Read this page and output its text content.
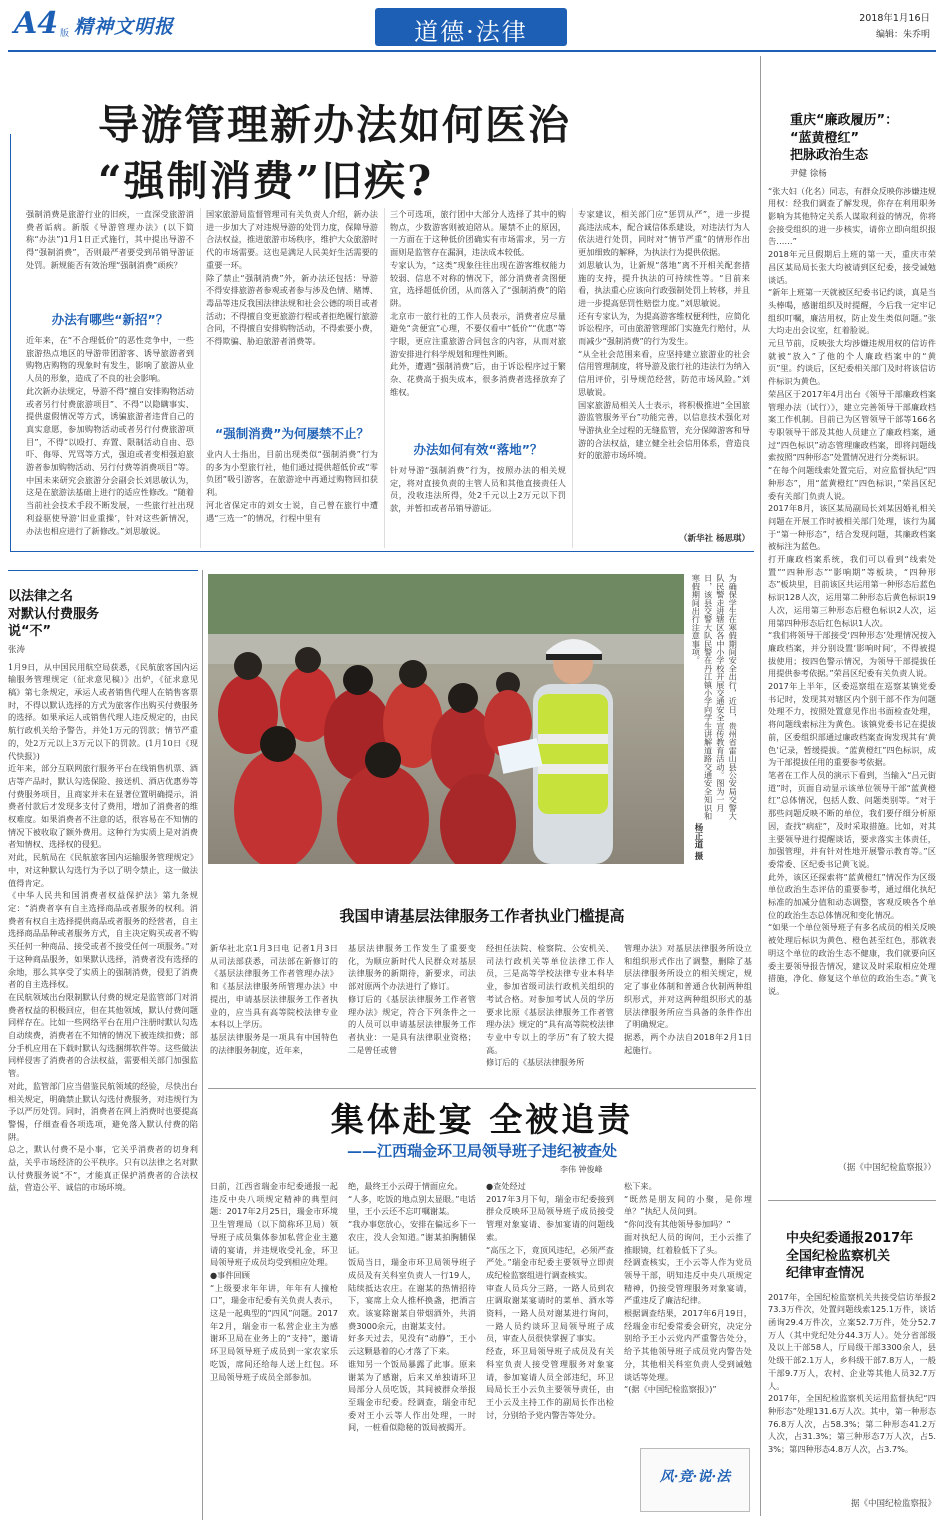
A4 版 精神文明报	道德·法律	2018年1月16日
编辑：朱乔明
导游管理新办法如何医治
“强制消费”旧疾?
强制消费是旅游行业的旧疾，一直深受旅游消费者诟病。新版《导游管理办法》(以下简称“办法”)1月1日正式施行，其中提出导游不得“强制消费”，否则最严者要受到吊销导游证处罚。新规能否有效治理“强制消费”顽疾？
办法有哪些“新招”？
近年来，在“不合理低价”的恶性竞争中，一些旅游热点地区的导游带团游客、诱导旅游者到购物店购物的现象时有发生，影响了旅游从业人员的形象，造成了不良的社会影响。
此次新办法规定，导游不得“擅自安排购物活动或者另行付费旅游项目”、不得“以隐瞒事实、提供虚假情况等方式，诱骗旅游者违背自己的真实意愿，参加购物活动或者另行付费旅游项目”，不得“以殴打、弃置、限制活动自由、恐吓、侮辱、咒骂等方式，强迫或者变相强迫旅游者参加购物活动、另行付费等消费项目”等。
中国未来研究会旅游分会副会长刘思敏认为，这是在旅游法基础上进行的适应性修改。“随着当前社会技术手段不断发展，一些旅行社出现利益驱使导游‘旧业重操’，针对这些新情况，办法也相应进行了新修改。”刘思敏说。
国家旅游局监督管理司有关负责人介绍，新办法进一步加大了对违规导游的处罚力度，保障导游合法权益，推进旅游市场秩序，维护大众旅游时代的市场需要。这也是满足人民美好生活需要的重要一环。
除了禁止“强制消费”外，新办法还包括：导游不得安排旅游者参观或者参与涉及色情、赌博、毒品等违反我国法律法规和社会公德的项目或者活动；不得擅自变更旅游行程或者拒绝履行旅游合同，不得擅自安排购物活动，不得索要小费，不得欺骗、胁迫旅游者消费等。
“强制消费”为何屡禁不止？
业内人士指出，目前出现类似“强制消费”行为的多为小型旅行社，他们通过提供超低价或“零负团”吸引游客，在旅游途中再通过购物回扣获利。
河北省保定市的刘女士说，自己曾在旅行中遭遇“三选一”的情况，行程中里有
三个可选项，旅行团中大部分人选择了其中的购物点，少数游客则被迫陪从。屡禁不止的原因，一方面在于这种低价团确实有市场需求，另一方面则是监管存在漏洞，违法成本较低。
专家认为，“这类”现象往往出现在游客维权能力较弱、信息不对称的情况下，部分消费者贪图便宜，选择超低价团，从而落入了“强制消费”的陷阱。
北京市一旅行社的工作人员表示，消费者应尽量避免“贪便宜”心理，不要仅看中“低价”“优惠”等字眼，更应注重旅游合同包含的内容，从而对旅游安排进行科学规划和理性判断。
此外，遭遇“强制消费”后，由于诉讼程序过于繁杂、花费高于损失成本，很多消费者选择放弃了维权。
办法如何有效“落地”？
针对导游“强制消费”行为，按照办法的相关规定，将对直接负责的主管人员和其他直接责任人员，没收违法所得，处2千元以上2万元以下罚款，并暂扣或者吊销导游证。
专家建议，相关部门应“惩罚从严”，进一步提高违法成本，配合诚信体系建设，对违法行为人依法进行处罚，同时对“情节严重”的情形作出更加细致的解释，为执法行为提供依据。
刘思敏认为，让新规“落地”离不开相关配套措施的支持，提升执法的可持续性等。“目前来看，执法重心应该向行政强制处罚上转移，并且进一步提高惩罚性赔偿力度。”刘思敏说。
还有专家认为，为提高游客维权便利性，应简化诉讼程序，可由旅游管理部门实施先行赔付，从而减少“强制消费”的行为发生。
“从全社会范围来看，应坚持建立旅游业的社会信用管理制度，将导游及旅行社的违法行为纳入信用评价，引导规范经营，防范市场风险。”刘思敏说。
国家旅游局相关人士表示，将积极推进“全国旅游监管服务平台”功能完善，以信息技术强化对导游执业全过程的无缝监管，充分保障游客和导游的合法权益，建立健全社会信用体系，营造良好的旅游市场环境。
（新华社 杨思琪）
重庆“廉政履历”：
“蓝黄橙红”
把脉政治生态
尹健 徐杨
“张大妇（化名）同志，有群众反映你涉嫌违规用权：经我们调查了解发现，你存在利用职务影响为其他特定关系人谋取利益的情况，你将会接受组织的进一步核实，请你立即向组织报告……”
2018年元旦假期后上班的第一天，重庆市荣昌区某局局长张大均被请到区纪委，接受诫勉谈话。
“新年上班第一天就被区纪委书记约谈，真是当头棒喝，感谢组织及时提醒，今后我一定牢记组织叮嘱，廉洁用权，防止发生类似问题。”张大均走出会议室，红着脸说。
元旦节前，反映张大均涉嫌违规用权的信访件就被“放入”了他的个人廉政档案中的“黄页”里。约谈后，区纪委相关部门及时将该信访件标识为黄色。
荣昌区于2017年4月出台《领导干部廉政档案管理办法（试行）》，建立完善领导干部廉政档案工作机制。目前已为区管领导干部等166名专职领导干部及其他人员建立了廉政档案，通过“四色标识”动态管理廉政档案，即将问题线索按照“四种形态”处置情况进行分类标识。
“在每个问题线索处置完后，对应监督执纪“四种形态”，用“蓝黄橙红”四色标识，”荣昌区纪委有关部门负责人说。
2017年8月，该区某局副局长刘某因婚礼相关问题在开展工作时被相关部门处理，该行为属于“第一种形态”，结合发现问题，其廉政档案被标注为蓝色。
打开廉政档案系统，我们可以看到“线索处置”“四种形态”“影响期”等板块，“四种形态”板块里，目前该区共运用第一种形态后蓝色标识128人次，运用第二种形态后黄色标识19人次，运用第三种形态后橙色标识2人次，运用第四种形态后红色标识1人次。
“我们将领导干部接受‘四种形态’处理情况按入廉政档案，并分别设置‘影响时间’，不得被提拔使用；按四色警示情况，为领导干部提拔任用提供参考依据。”荣昌区纪委有关负责人说。
2017年上半年，区委巡察组在巡察某镇党委书记时，发现其对辖区内个别干部不作为问题处理不力，按照处置意见作出书面检查处理，将问题线索标注为黄色。该镇党委书记在提拔前，区委组织部通过廉政档案查询发现其有‘黄色’记录，暂缓提拔。“蓝黄橙红”四色标识，成为干部提拔任用的重要参考依据。
笔者在工作人员的演示下看到，当输入“吕元街道”时，页面自动显示该单位领导干部“蓝黄橙红”总体情况，包括人数、问题类别等。“对于那些问题反映不断的单位，我们要仔细分析原因，查找“病症”，及时采取措施。比如，对其主要领导进行提醒谈话，要求落实主体责任，加强管理，并有针对性地开展警示教育等。”区委常委、区纪委书记黄飞说。
此外，该区还探索将“蓝黄橙红”情况作为区级单位政治生态评估的重要参考，通过细化执纪标准的加减分值和动态调整，客观反映各个单位的政治生态总体情况和变化情况。
“如果一个单位领导班子有多名成员的相关反映被处理后标识为黄色、橙色甚至红色，那就表明这个单位的政治生态不健康，我们就要向区委主要领导报告情况，建议及时采取相应处理措施，净化、修复这个单位的政治生态。”黄飞说。
（据《中国纪检监察报》）
中央纪委通报2017年
全国纪检监察机关
纪律审查情况
2017年，全国纪检监察机关共接受信访举报273.3万件次，处置问题线索125.1万件，谈话函询29.4万件次，立案52.7万件，处分52.7万人（其中党纪处分44.3万人）。处分省部级及以上干部58人，厅局级干部3300余人，县处级干部2.1万人，乡科级干部7.8万人，一般干部9.7万人，农村、企业等其他人员32.7万人。
2017年，全国纪检监察机关运用监督执纪“四种形态”处理131.6万人次。其中，第一种形态76.8万人次，占58.3%；第二种形态41.2万人次，占31.3%；第三种形态7万人次，占5.3%；第四种形态4.8万人次，占3.7%。
据《中国纪检监察报》
以法律之名
对默认付费服务
说“不”
张涛
1月9日，从中国民用航空局获悉，《民航旅客国内运输服务管理规定（征求意见稿）》出炉，《征求意见稿》第七条规定，承运人或者销售代理人在销售客票时，不得以默认选择的方式为旅客作出购买付费服务的选择。如果承运人或销售代理人违反规定的，由民航行政机关给予警告，并处1万元的罚款；情节严重的，处2万元以上3万元以下的罚款。(1月10日《现代快报》)
近年来，部分互联网旅行服务平台在线销售机票、酒店等产品时，默认勾选保险、接送机、酒店优惠券等付费服务项目，且商家并未在显著位置明确提示，消费者付款后才发现多支付了费用，增加了消费者的维权难度。如果消费者不注意的话，很容易在不知情的情况下被收取了额外费用。这种行为实质上是对消费者知情权、选择权的侵犯。
对此，民航局在《民航旅客国内运输服务管理规定》中，对这种默认勾选行为予以了明令禁止，这一做法值得肯定。
《中华人民共和国消费者权益保护法》第九条规定：“消费者享有自主选择商品或者服务的权利。消费者有权自主选择提供商品或者服务的经营者，自主选择商品品种或者服务方式，自主决定购买或者不购买任何一种商品、接受或者不接受任何一项服务。”对于这种商品服务，如果默认选择，消费者没有选择的余地，那么其享受了实质上的强制消费，侵犯了消费者的自主选择权。
在民航领域出台限制默认付费的规定是监管部门对消费者权益的积极回应，但在其他领域，默认付费问题同样存在。比如一些网络平台在用户注册时默认勾选自动续费，消费者在不知情的情况下被连续扣费；部分手机应用在下载时默认勾选捆绑软件等。这些做法同样侵害了消费者的合法权益，需要相关部门加强监管。
对此，监管部门应当借鉴民航领域的经验，尽快出台相关规定，明确禁止默认勾选付费服务，对违规行为予以严厉处罚。同时，消费者在网上消费时也要提高警惕，仔细查看各项选项，避免落入默认付费的陷阱。
总之，默认付费不是小事，它关乎消费者的切身利益，关乎市场经济的公平秩序。只有以法律之名对默认付费服务说“不”，才能真正保护消费者的合法权益，营造公平、诚信的市场环境。
为确保学生在寒假期间安全出行，近日，贵州省雷山县公安局交警大队民警走进辖区各中小学校开展交通安全宣传教育活动。图为一月日，该县交警大队民警在丹江镇小学向学生讲解道路交通安全知识和寒假期间出行注意事项。
杨正道 摄
我国申请基层法律服务工作者执业门槛提高
新华社北京1月3日电 记者1月3日从司法部获悉，司法部在新修订的《基层法律服务工作者管理办法》和《基层法律服务所管理办法》中提出，申请基层法律服务工作者执业的，应当具有高等院校法律专业本科以上学历。
基层法律服务是一项具有中国特色的法律服务制度，近年来，
基层法律服务工作发生了重要变化，为顺应新时代人民群众对基层法律服务的新期待，新要求，司法部对原两个办法进行了修订。
修订后的《基层法律服务工作者管理办法》规定，符合下列条件之一的人员可以申请基层法律服务工作者执业：一是具有法律职业资格；二是曾任或曾
经担任法院、检察院、公安机关、司法行政机关等单位法律工作人员，三是高等学校法律专业本科毕业，参加省级司法行政机关组织的考试合格。对参加考试人员的学历要求比原《基层法律服务工作者管理办法》规定的“具有高等院校法律专业中专以上的学历”有了较大提高。
修订后的《基层法律服务所
管理办法》对基层法律服务所设立和组织形式作出了调整，删除了基层法律服务所设立的相关规定，规定了事业体制和普通合伙制两种组织形式，并对这两种组织形式的基层法律服务所应当具备的条件作出了明确规定。
据悉，两个办法自2018年2月1日起施行。
集体赴宴 全被追责
——江西瑞金环卫局领导班子违纪被查处
李伟 钟俊峰
日前，江西省瑞金市纪委通报一起违反中央八项规定精神的典型问题：2017年2月25日，瑞金市环境卫生管理局（以下简称环卫局）领导班子成员集体参加私营企业主邀请的宴请，并违规收受礼金，环卫局领导班子成员均受到相应处理。
●事件回顾
“上级要求年年讲，年年有人撞枪口”，瑞金市纪委有关负责人表示，这是一起典型的“四风”问题。2017年2月，瑞金市一私营企业主为感谢环卫局在业务上的“支持”，邀请环卫局领导班子成员到一家农家乐吃饭，席间还给每人送上红包。环卫局领导班子成员全部参加。
绝，最终王小云碍于情面应允。
“人多，吃饭的地点别太显眼。”电话里，王小云还不忘叮嘱谢某。
“我办事您放心，安排在偏远乡下一农庄，没人会知道。”谢某拍胸脯保证。
饭局当日，瑞金市环卫局领导班子成员及有关科室负责人一行19人，陆续抵达农庄。在谢某的热情招待下，宴席上众人推杯换盏，把酒言欢。该宴除谢某自带烟酒外，共消费3000余元，由谢某支付。
好多天过去，见没有“动静”，王小云这颗悬着的心才落了下来。
谁知另一个饭局暴露了此事。原来谢某为了感谢，后来又单独请环卫局部分人员吃饭，其间被群众举报至瑞金市纪委。经调查，瑞金市纪委对王小云等人作出处理，一时间，一桩看似隐秘的饭局被揭开。
●查处经过
2017年3月下旬，瑞金市纪委接到群众反映环卫局领导班子成员接受管理对象宴请、参加宴请的问题线索。
“高压之下，竟顶风违纪，必须严查严处。”瑞金市纪委主要领导立即责成纪检监察组进行调查核实。
审查人员兵分三路，一路人员到农庄调取谢某宴请时的菜单、酒水等资料，一路人员对谢某进行询问，一路人员约谈环卫局领导班子成员，审查人员很快掌握了事实。
经查，环卫局领导班子成员及有关科室负责人接受管理服务对象宴请，参加宴请人员全部违纪，环卫局局长王小云负主要领导责任，由王小云及主持工作的副局长作出检讨，分别给予党内警告等处分。
松下来。
“既然是朋友间的小聚，是你埋单？”执纪人员问到。
“你问没有其他领导参加吗？”
面对执纪人员的询问，王小云推了推眼镜，红着脸低下了头。
经调查核实，王小云等人作为党员领导干部，明知违反中央八项规定精神，仍接受管理服务对象宴请，严重违反了廉洁纪律。
根据调查结果，2017年6月19日，经瑞金市纪委常委会研究，决定分别给予王小云党内严重警告处分，给予其他领导班子成员党内警告处分，其他相关科室负责人受到诫勉谈话等处理。
“(据《中国纪检监察报》)”
风·竞·说·法
